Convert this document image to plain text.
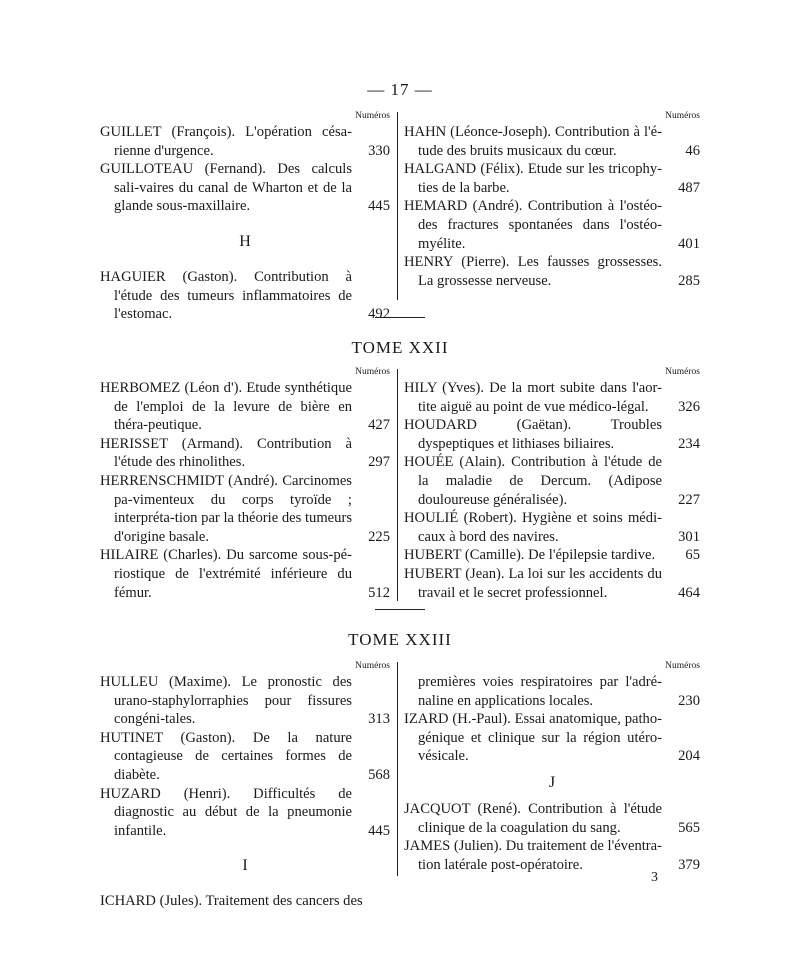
— 17 —
Numéros
GUILLET (François). L'opération césa-rienne d'urgence.	330
GUILLOTEAU (Fernand). Des calculs sali-vaires du canal de Wharton et de la glande sous-maxillaire.	445
H
HAGUIER (Gaston). Contribution à l'étude des tumeurs inflammatoires de l'estomac.	492
Numéros
HAHN (Léonce-Joseph). Contribution à l'é-tude des bruits musicaux du cœur.	46
HALGAND (Félix). Etude sur les tricophy-ties de la barbe.	487
HEMARD (André). Contribution à l'ostéo-des fractures spontanées dans l'ostéo-myélite.	401
HENRY (Pierre). Les fausses grossesses. La grossesse nerveuse.	285
TOME XXII
Numéros
HERBOMEZ (Léon d'). Etude synthétique de l'emploi de la levure de bière en théra-peutique.	427
HERISSET (Armand). Contribution à l'étude des rhinolithes.	297
HERRENSCHMIDT (André). Carcinomes pa-vimenteux du corps tyroïde ; interpréta-tion par la théorie des tumeurs d'origine basale.	225
HILAIRE (Charles). Du sarcome sous-pé-riostique de l'extrémité inférieure du fémur.	512
Numéros
HILY (Yves). De la mort subite dans l'aor-tite aiguë au point de vue médico-légal. 326
HOUDARD (Gaëtan). Troubles dyspeptiques et lithiases biliaires.	234
HOUÉE (Alain). Contribution à l'étude de la maladie de Dercum. (Adipose douloureuse généralisée).	227
HOULIÉ (Robert). Hygiène et soins médi-caux à bord des navires.	301
HUBERT (Camille). De l'épilepsie tardive. 65
HUBERT (Jean). La loi sur les accidents du travail et le secret professionnel.	464
TOME XXIII
Numéros
HULLEU (Maxime). Le pronostic des urano-staphylorraphies pour fissures congéni-tales.	313
HUTINET (Gaston). De la nature contagieuse de certaines formes de diabète.	568
HUZARD (Henri). Difficultés de diagnostic au début de la pneumonie infantile.	445
I
ICHARD (Jules). Traitement des cancers des
Numéros
premières voies respiratoires par l'adré-naline en applications locales.	230
IZARD (H.-Paul). Essai anatomique, patho-génique et clinique sur la région utéro-vésicale.	204
J
JACQUOT (René). Contribution à l'étude clinique de la coagulation du sang.	565
JAMES (Julien). Du traitement de l'éventra-tion latérale post-opératoire.	379
3
